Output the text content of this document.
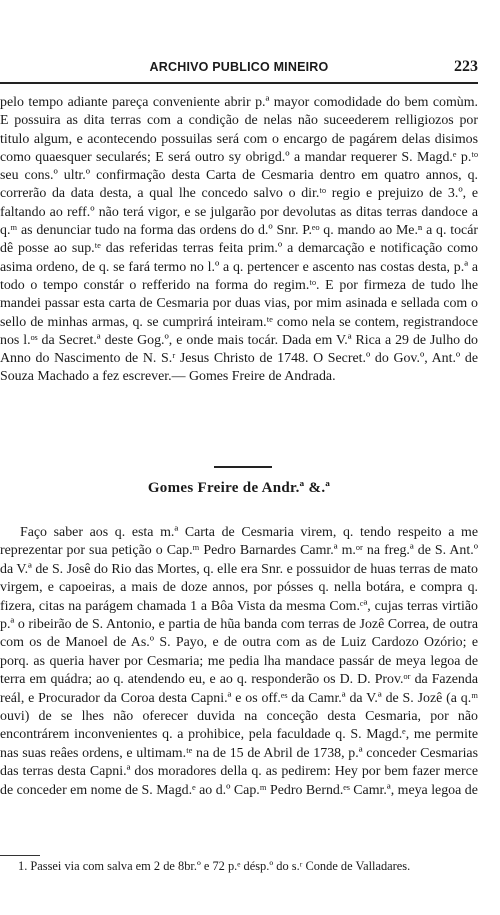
ARCHIVO PUBLICO MINEIRO	223

pelo tempo adiante pareça conveniente abrir p.ª mayor comodidade do bem comùm. E possuira as dita terras com a condição de nelas não suceederem relligiozos por titulo algum, e acontecendo possuilas será com o encargo de pagárem delas disimos como quaesquer secularés; E será outro sy obrigd.º a mandar requerer S. Magd.ᵉ p.ᵗᵒ seu cons.º ultr.º confirmação desta Carta de Cesmaria dentro em quatro annos, q. correrão da data desta, a qual lhe concedo salvo o dir.ᵗᵒ regio e prejuizo de 3.º, e faltando ao reff.º não terá vigor, e se julgarão por devolutas as ditas terras dandoce a q.ᵐ as denunciar tudo na forma das ordens do d.º Snr. P.ᵉᵒ q. mando ao Me.ⁿ a q. tocár dê posse ao sup.ᵗᵉ das referidas terras feita prim.º a demarcação e notificação como asima ordeno, de q. se fará termo no l.º a q. pertencer e ascento nas costas desta, p.ª a todo o tempo constár o refferido na forma do regim.ᵗᵒ. E por firmeza de tudo lhe mandei passar esta carta de Cesmaria por duas vias, por mim asinada e sellada com o sello de minhas armas, q. se cumprirá inteiram.ᵗᵉ como nela se contem, registrandoce nos l.ᵒˢ da Secret.ª deste Gog.º, e onde mais tocár. Dada em V.ª Rica a 29 de Julho do Anno do Nascimento de N. S.ʳ Jesus Christo de 1748. O Secret.º do Gov.º, Ant.º de Souza Machado a fez escrever.— Gomes Freire de Andrada.

Gomes Freire de Andr.ª &.ª

Faço saber aos q. esta m.ª Carta de Cesmaria virem, q. tendo respeito a me reprezentar por sua petição o Cap.ᵐ Pedro Barnardes Camr.ª m.ᵒʳ na freg.ª de S. Ant.º da V.ª de S. Josê do Rio das Mortes, q. elle era Snr. e possuidor de huas terras de mato virgem, e capoeiras, a mais de doze annos, por pósses q. nella botára, e compra q. fizera, citas na parágem chamada 1 a Bôa Vista da mesma Com.ᶜª, cujas terras virtião p.ª o ribeirão de S. Antonio, e partia de hũa banda com terras de Jozê Correa, de outra com os de Manoel de As.º S. Payo, e de outra com as de Luiz Cardozo Ozório; e porq. as queria haver por Cesmaria; me pedia lha mandace passár de meya legoa de terra em quádra; ao q. atendendo eu, e ao q. responderão os D. D. Prov.ᵒʳ da Fazenda reál, e Procurador da Coroa desta Capni.ª e os off.ᵉˢ da Camr.ª da V.ª de S. Jozê (a q.ᵐ ouvi) de se lhes não oferecer duvida na conceção desta Cesmaria, por não encontrárem inconvenientes q. a prohibice, pela faculdade q. S. Magd.ᵉ, me permite nas suas reâes ordens, e ultimam.ᵗᵉ na de 15 de Abril de 1738, p.ª conceder Cesmarias das terras desta Capni.ª dos moradores della q. as pedirem: Hey por bem fazer merce de conceder em nome de S. Magd.ᵉ ao d.º Cap.ᵐ Pedro Bernd.ᵉˢ Camr.ª, meya legoa de

1. Passei via com salva em 2 de 8br.º e 72 p.ᵉ désp.º do s.ʳ Conde de Valladares.
